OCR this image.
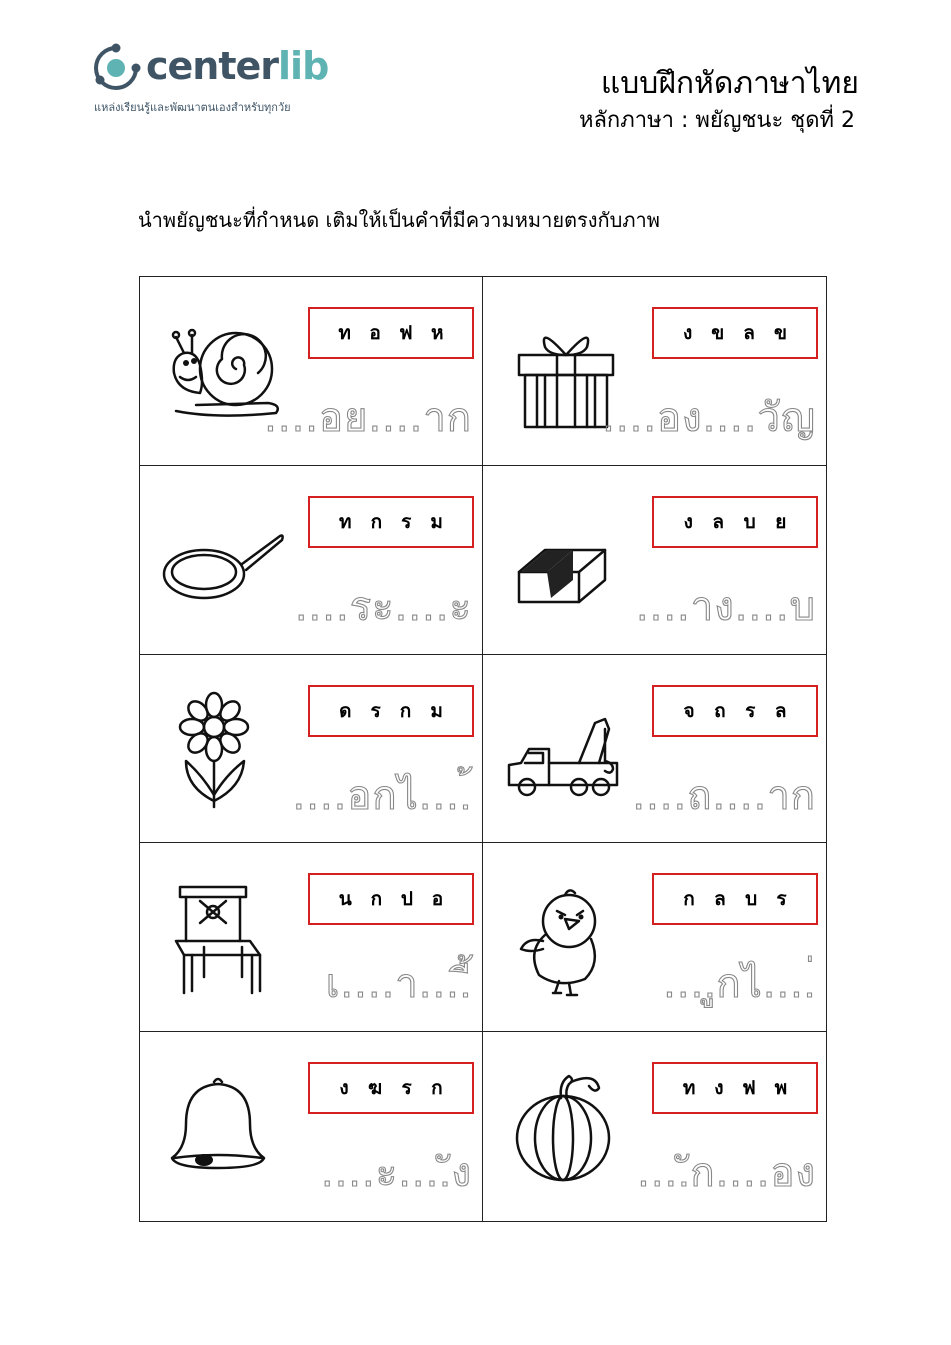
centerlib
แหล่งเรียนรู้และพัฒนาตนเองสำหรับทุกวัย
แบบฝึกหัดภาษาไทย
หลักภาษา : พยัญชนะ ชุดที่ 2
นำพยัญชนะที่กำหนด เติมให้เป็นคำที่มีความหมายตรงกับภาพ
ท อ ฟ ห
....อย....าก
ง ข ล ข
....อง....วัญ
ท ก ร ม
....ระ....ะ
ง ล บ ย
....าง....บ
ด ร ก ม
....อกไ....้
จ ถ ร ล
....ถ....าก
น ก ป อ
เ....า....ี้
ก ล บ ร
....ูกไ....่
ง ฆ ร ก
....ะ....ัง
ท ง ฟ พ
....ัก....อง
